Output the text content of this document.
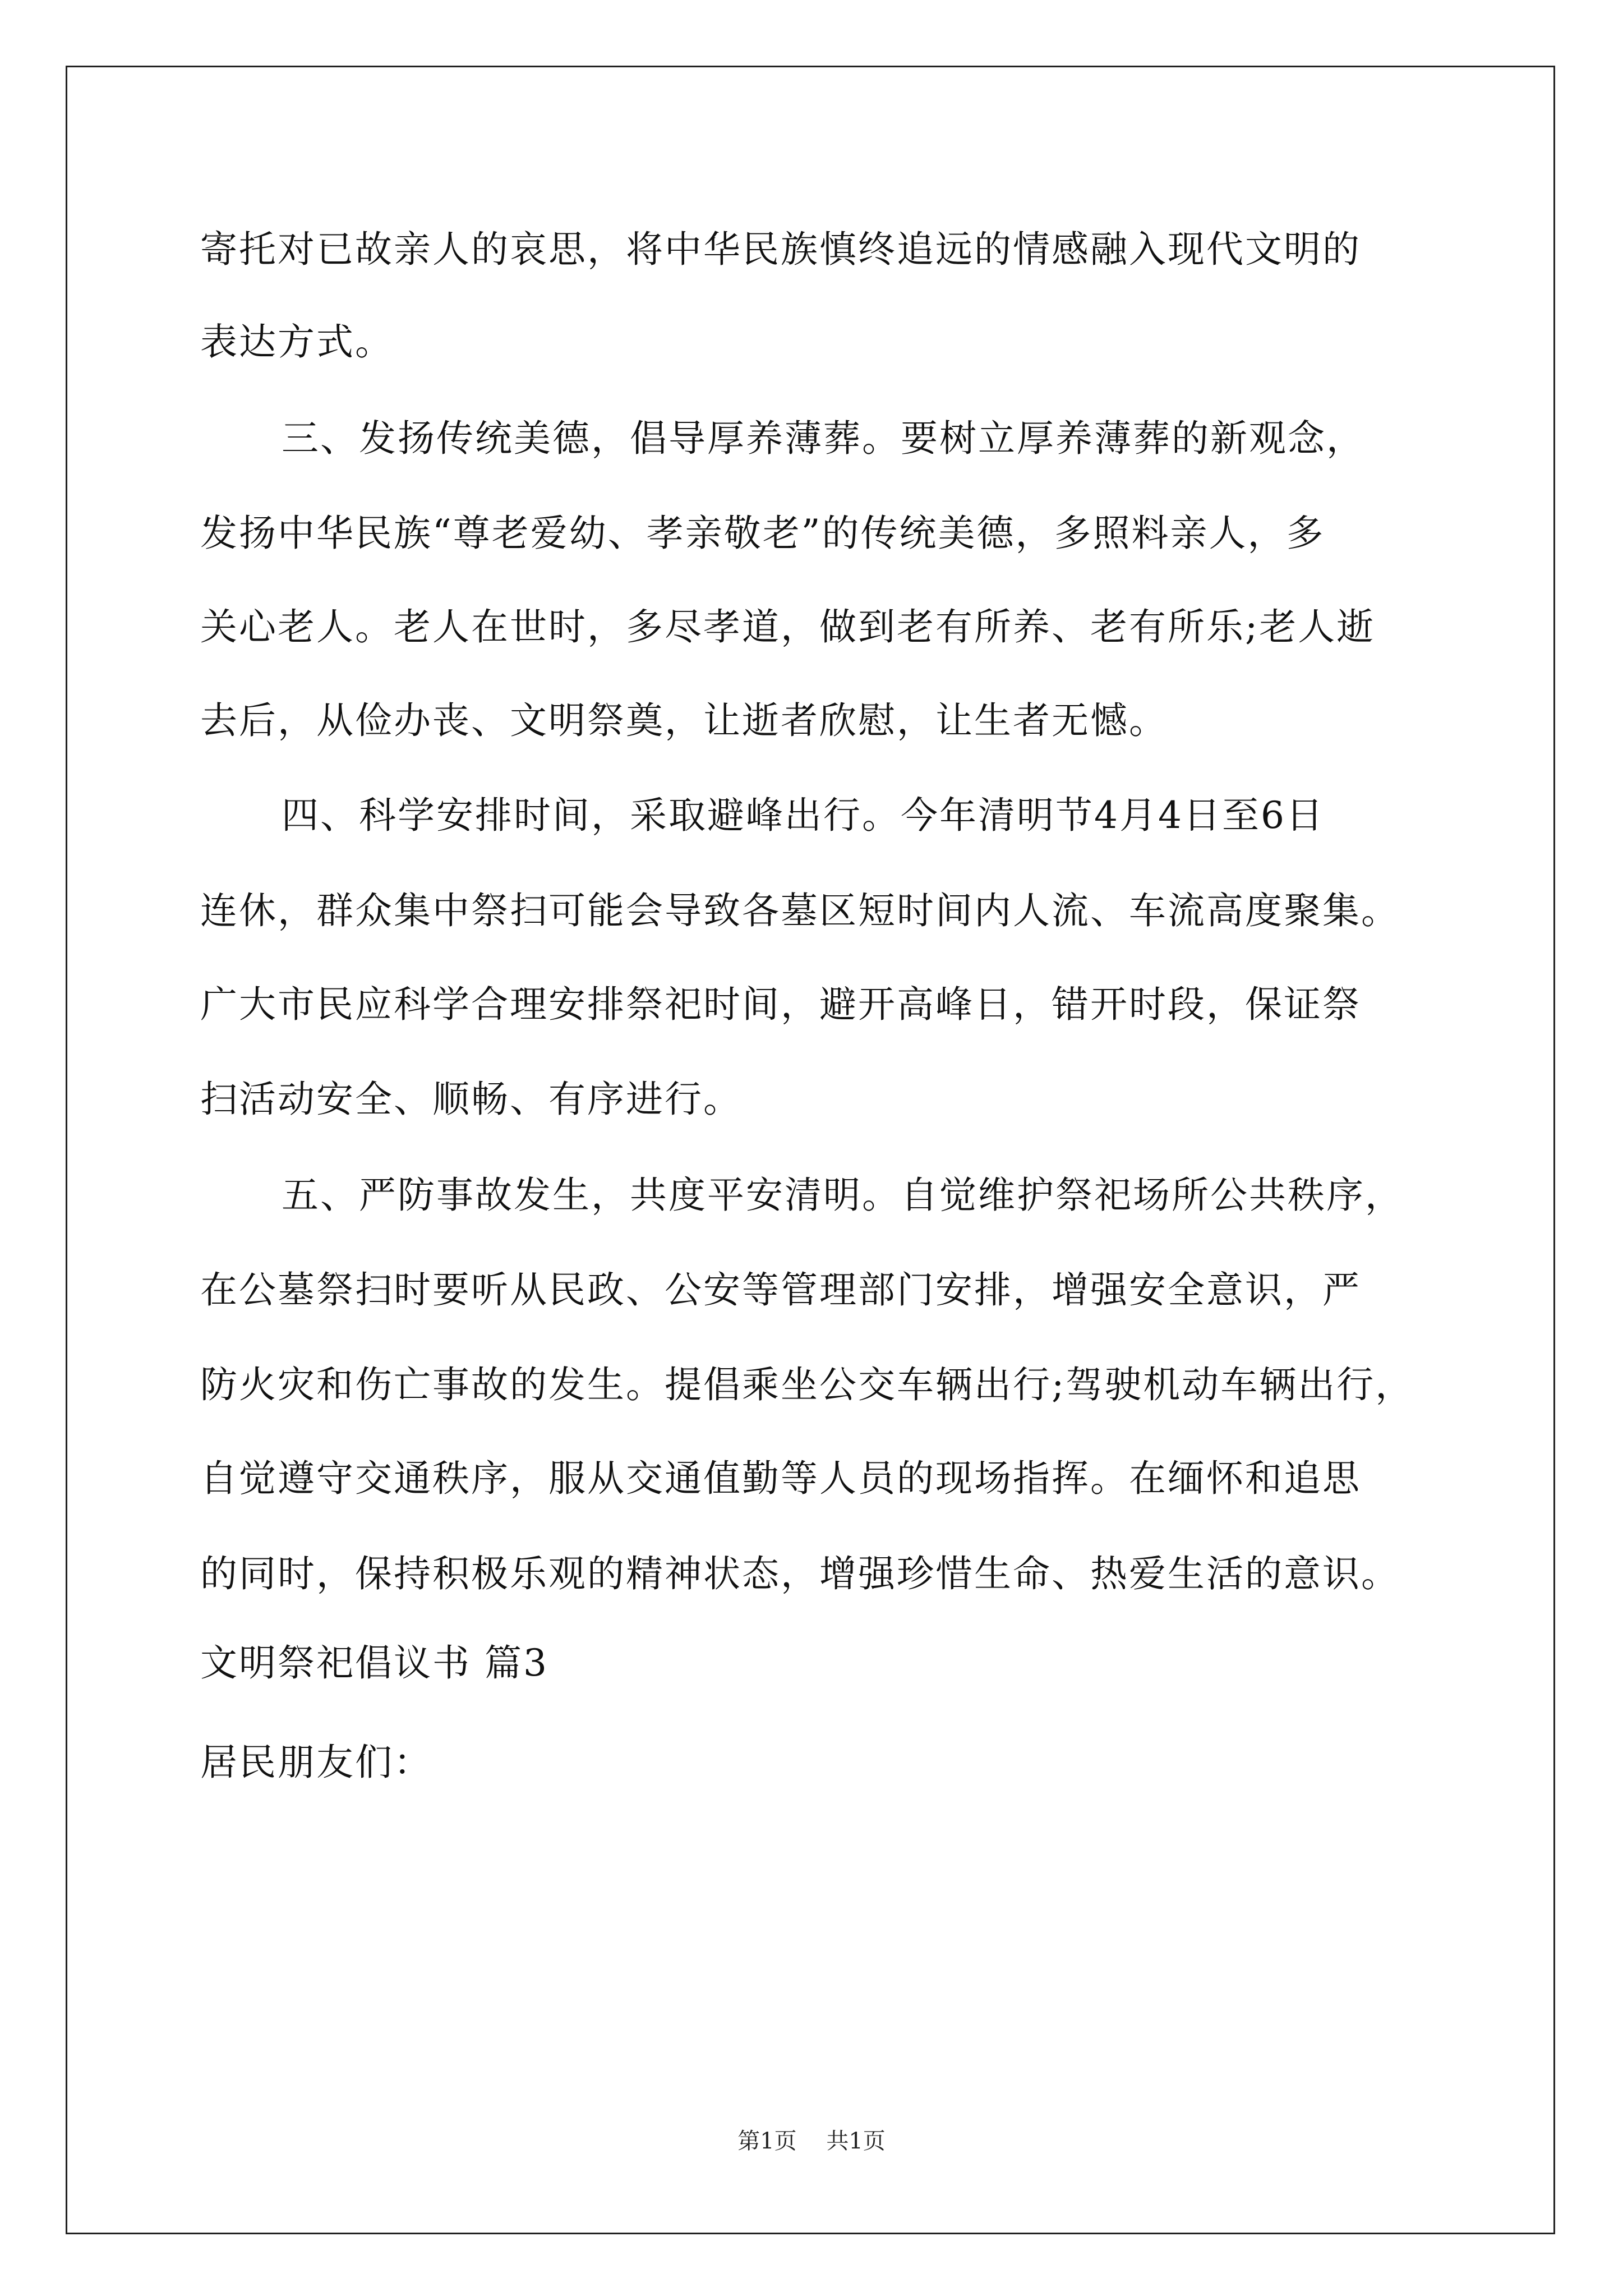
寄托对已故亲人的哀思，将中华民族慎终追远的情感融入现代文明的
表达方式。
三、发扬传统美德，倡导厚养薄葬。要树立厚养薄葬的新观念，
发扬中华民族“尊老爱幼、孝亲敬老”的传统美德，多照料亲人，多
关心老人。老人在世时，多尽孝道，做到老有所养、老有所乐;老人逝
去后，从俭办丧、文明祭奠，让逝者欣慰，让生者无憾。
四、科学安排时间，采取避峰出行。今年清明节4月4日至6日
连休，群众集中祭扫可能会导致各墓区短时间内人流、车流高度聚集。
广大市民应科学合理安排祭祀时间，避开高峰日，错开时段，保证祭
扫活动安全、顺畅、有序进行。
五、严防事故发生，共度平安清明。自觉维护祭祀场所公共秩序，
在公墓祭扫时要听从民政、公安等管理部门安排，增强安全意识，严
防火灾和伤亡事故的发生。提倡乘坐公交车辆出行;驾驶机动车辆出行，
自觉遵守交通秩序，服从交通值勤等人员的现场指挥。在缅怀和追思
的同时，保持积极乐观的精神状态，增强珍惜生命、热爱生活的意识。
文明祭祀倡议书 篇3
居民朋友们：
第1页 共1页
